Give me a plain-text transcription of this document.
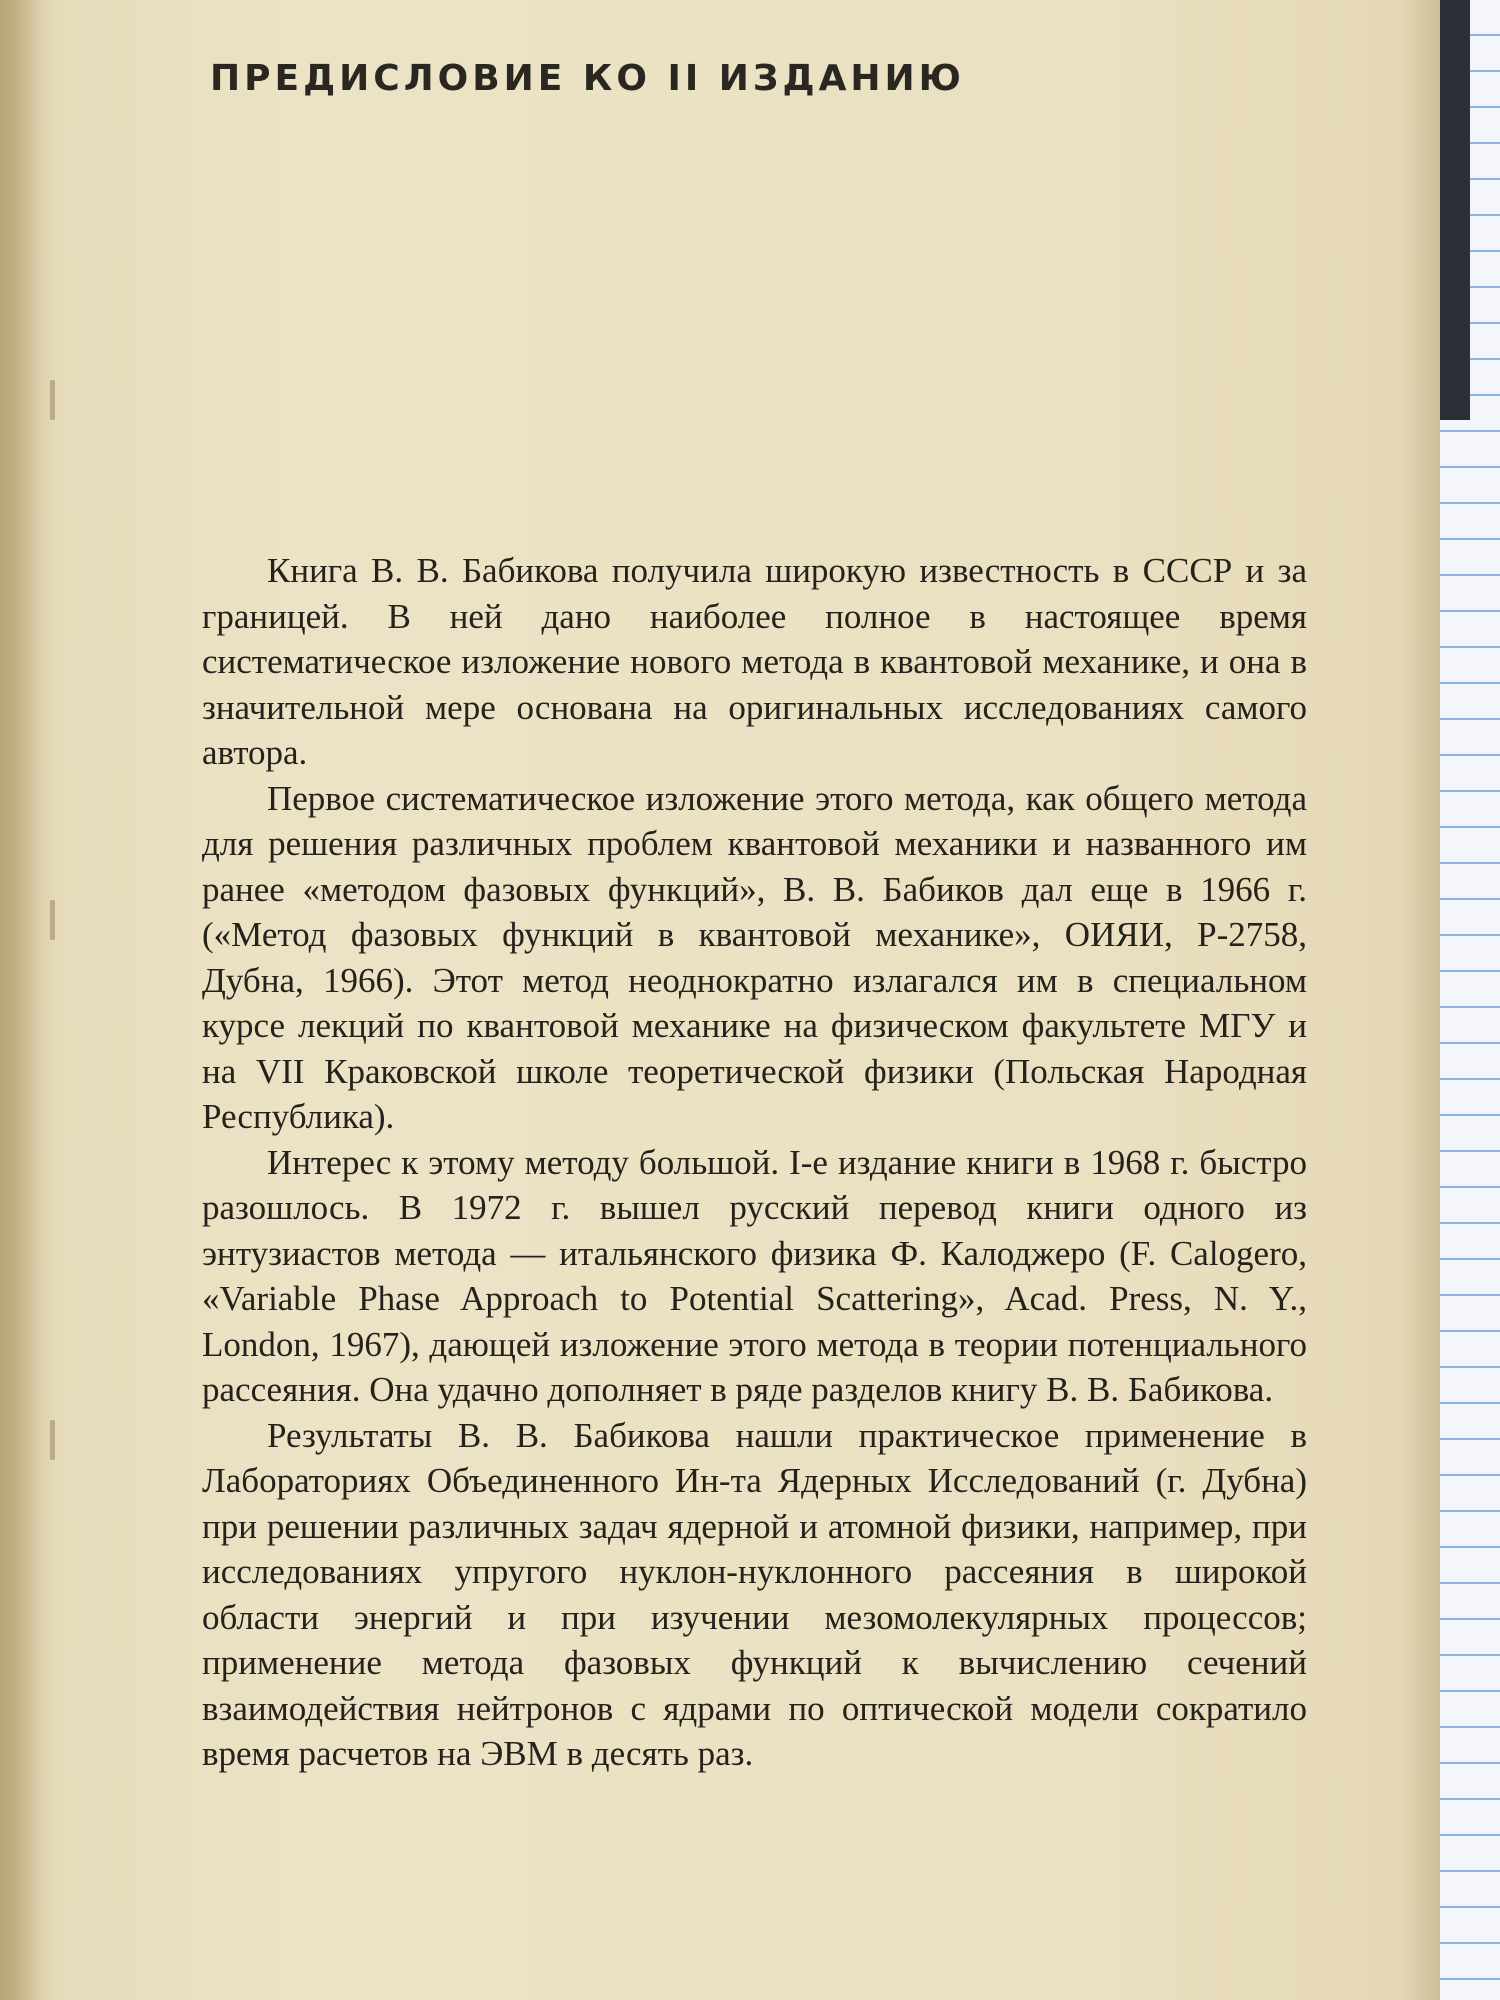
ПРЕДИСЛОВИЕ КО II ИЗДАНИЮ

Книга В. В. Бабикова получила широкую известность в СССР и за границей. В ней дано наиболее полное в настоящее время систематическое изложение нового метода в квантовой механике, и она в значительной мере основана на оригинальных исследованиях самого автора.

Первое систематическое изложение этого метода, как общего метода для решения различных проблем квантовой механики и названного им ранее «методом фазовых функций», В. В. Бабиков дал еще в 1966 г. («Метод фазовых функций в квантовой механике», ОИЯИ, Р-2758, Дубна, 1966). Этот метод неоднократно излагался им в специальном курсе лекций по квантовой механике на физическом факультете МГУ и на VII Краковской школе теоретической физики (Польская Народная Республика).

Интерес к этому методу большой. I-е издание книги в 1968 г. быстро разошлось. В 1972 г. вышел русский перевод книги одного из энтузиастов метода — итальянского физика Ф. Калоджеро (F. Calogero, «Variable Phase Approach to Potential Scattering», Acad. Press, N. Y., London, 1967), дающей изложение этого метода в теории потенциального рассеяния. Она удачно дополняет в ряде разделов книгу В. В. Бабикова.

Результаты В. В. Бабикова нашли практическое применение в Лабораториях Объединенного Ин-та Ядерных Исследований (г. Дубна) при решении различных задач ядерной и атомной физики, например, при исследованиях упругого нуклон-нуклонного рассеяния в широкой области энергий и при изучении мезомолекулярных процессов; применение метода фазовых функций к вычислению сечений взаимодействия нейтронов с ядрами по оптической модели сократило время расчетов на ЭВМ в десять раз.
